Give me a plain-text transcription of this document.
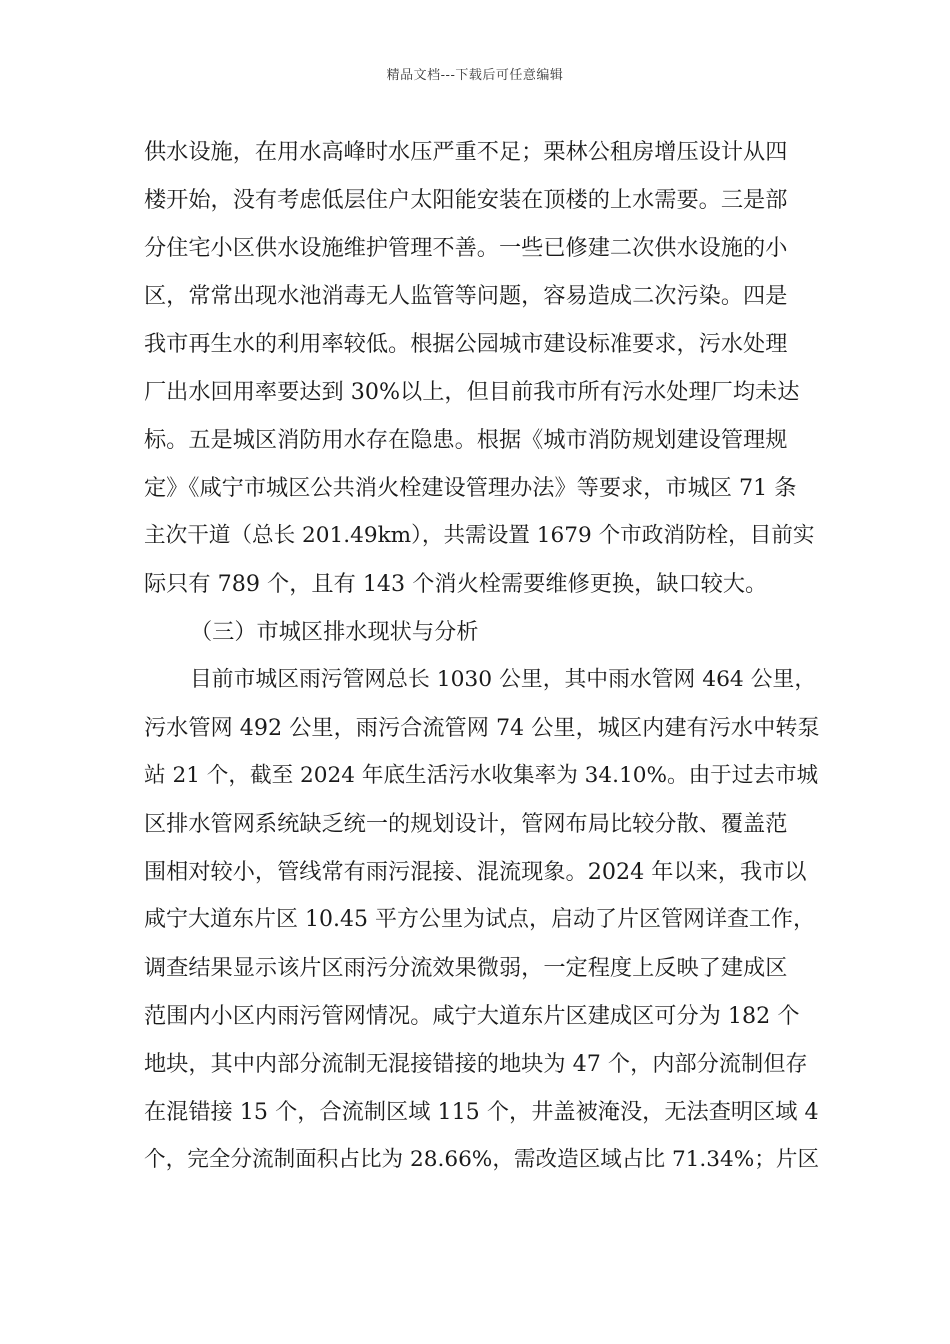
精品文档---下载后可任意编辑
供水设施，在用水高峰时水压严重不足；栗林公租房增压设计从四
楼开始，没有考虑低层住户太阳能安装在顶楼的上水需要。三是部
分住宅小区供水设施维护管理不善。一些已修建二次供水设施的小
区，常常出现水池消毒无人监管等问题，容易造成二次污染。四是
我市再生水的利用率较低。根据公园城市建设标准要求，污水处理
厂出水回用率要达到 30%以上，但目前我市所有污水处理厂均未达
标。五是城区消防用水存在隐患。根据《城市消防规划建设管理规
定》《咸宁市城区公共消火栓建设管理办法》等要求，市城区 71 条
主次干道（总长 201.49km），共需设置 1679 个市政消防栓，目前实
际只有 789 个，且有 143 个消火栓需要维修更换，缺口较大。
（三）市城区排水现状与分析
目前市城区雨污管网总长 1030 公里，其中雨水管网 464 公里，
污水管网 492 公里，雨污合流管网 74 公里，城区内建有污水中转泵
站 21 个，截至 2024 年底生活污水收集率为 34.10%。由于过去市城
区排水管网系统缺乏统一的规划设计，管网布局比较分散、覆盖范
围相对较小，管线常有雨污混接、混流现象。2024 年以来，我市以
咸宁大道东片区 10.45 平方公里为试点，启动了片区管网详查工作，
调查结果显示该片区雨污分流效果微弱，一定程度上反映了建成区
范围内小区内雨污管网情况。咸宁大道东片区建成区可分为 182 个
地块，其中内部分流制无混接错接的地块为 47 个，内部分流制但存
在混错接 15 个，合流制区域 115 个，井盖被淹没，无法查明区域 4
个，完全分流制面积占比为 28.66%，需改造区域占比 71.34%；片区
